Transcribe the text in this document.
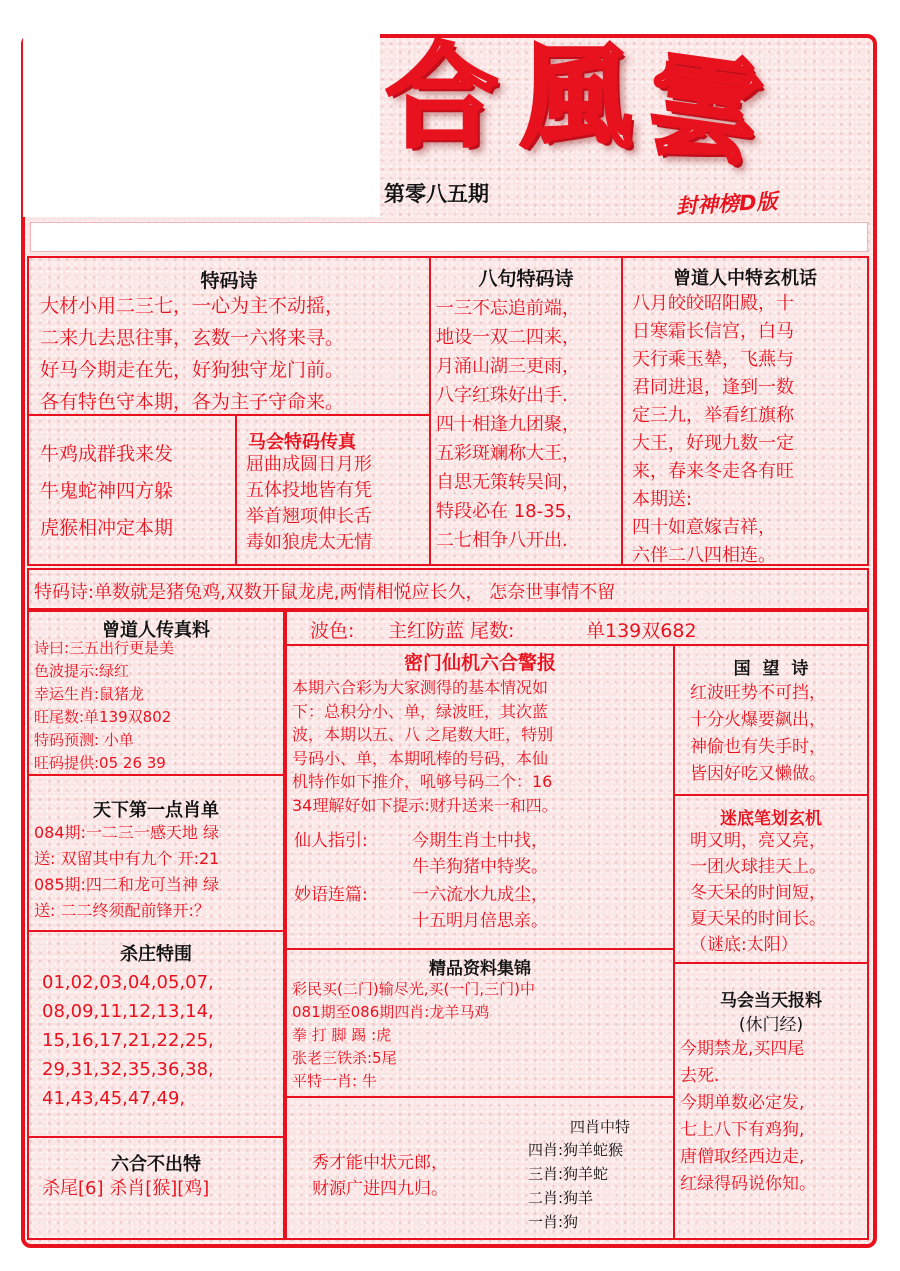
合 風 雲
第零八五期	封神榜D版
特码诗
大材小用二三七，一心为主不动摇，
二来九去思往事，玄数一六将来寻。
好马今期走在先，好狗独守龙门前。
各有特色守本期，各为主子守命来。
八句特码诗
一三不忘追前端，
地设一双二四来，
月涌山湖三更雨，
八字红珠好出手.
四十相逢九团聚，
五彩斑斓称大王，
自思无策转吴间，
特段必在 18-35，
二七相争八开出.
曾道人中特玄机话
八月皎皎昭阳殿，十
日寒霜长信宫，白马
天行乘玉辇，飞燕与
君同进退，逢到一数
定三九，举看红旗称
大王，好现九数一定
来，春来冬走各有旺
本期送:
四十如意嫁吉祥，
六伴二八四相连。
牛鸡成群我来发
牛鬼蛇神四方躲
虎猴相冲定本期
马会特码传真
屈曲成圆日月形
五体投地皆有凭
举首翘项伸长舌
毒如狼虎太无情
特码诗:单数就是猪兔鸡,双数开鼠龙虎,两情相悦应长久， 怎奈世事情不留
曾道人传真料
诗曰:三五出行更是美
色波提示:绿红
幸运生肖:鼠猪龙
旺尾数:单139双802
特码预测: 小单
旺码提供:05 26 39
天下第一点肖单
084期:一二三一感天地 绿
送: 双留其中有九个 开:21
085期:四二和龙可当神 绿
送: 二二终须配前锋开:？
杀庄特围
01,02,03,04,05,07,
08,09,11,12,13,14,
15,16,17,21,22,25,
29,31,32,35,36,38,
41,43,45,47,49,
六合不出特
杀尾[6] 杀肖[猴][鸡]
波色: 主红防蓝 尾数:	单139双682
密门仙机六合警报
本期六合彩为大家测得的基本情况如
下：总积分小、单，绿波旺，其次蓝
波，本期以五、八 之尾数大旺，特别
号码小、单，本期吼棒的号码，本仙
机特作如下推介，吼够号码二个：16
34理解好如下提示:财升送来一和四。
仙人指引:	今期生肖土中找，
牛羊狗猪中特奖。
妙语连篇:	一六流水九成尘，
十五明月倍思亲。
精品资料集锦
彩民买(二门)输尽光,买(一门,三门)中
081期至086期四肖:龙羊马鸡
拳 打 脚 踢 :虎
张老三铁杀:5尾
平特一肖: 牛
秀才能中状元郎，
财源广进四九归。
四肖中特
四肖:狗羊蛇猴
三肖:狗羊蛇
二肖:狗羊
一肖:狗
国  望  诗
红波旺势不可挡，
十分火爆要飙出，
神偷也有失手时，
皆因好吃又懒做。
迷底笔划玄机
明又明，亮又亮，
一团火球挂天上。
冬天呆的时间短，
夏天呆的时间长。
（谜底:太阳）
马会当天报料
(休门经)
今期禁龙,买四尾
去死.
今期单数必定发,
七上八下有鸡狗,
唐僧取经西边走,
红绿得码说你知。
